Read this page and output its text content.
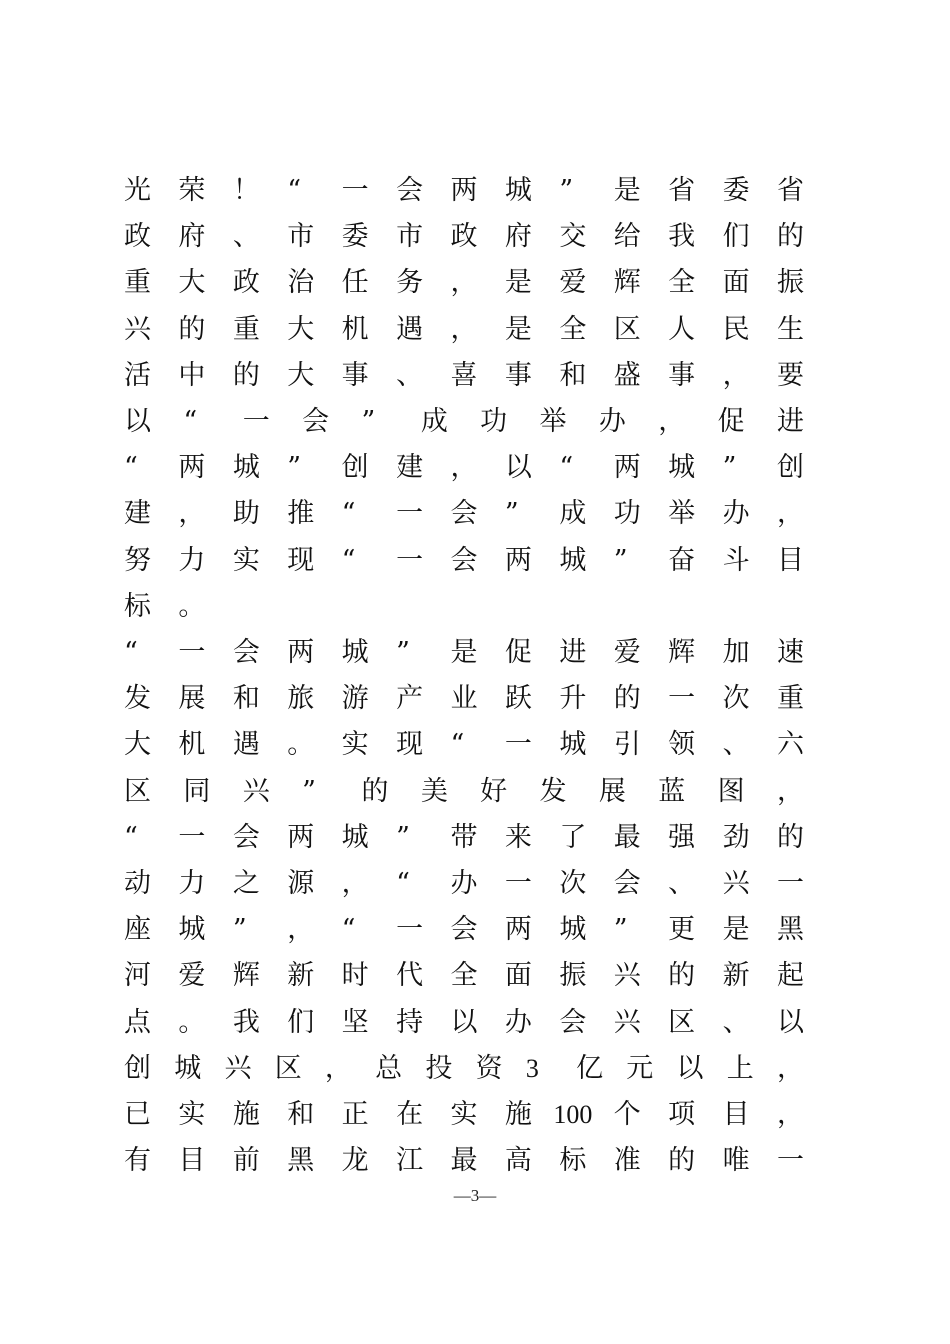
光 荣 ！ “ 一 会 两 城 ” 是 省 委 省
政 府 、 市 委 市 政 府 交 给 我 们 的
重 大 政 治 任 务 ， 是 爱 辉 全 面 振
兴 的 重 大 机 遇 ， 是 全 区 人 民 生
活 中 的 大 事 、 喜 事 和 盛 事 ， 要
以 “ 一 会 ” 成 功 举 办 ， 促 进
“ 两 城 ” 创 建 ， 以 “ 两 城 ” 创
建 ， 助 推 “ 一 会 ” 成 功 举 办 ，
努 力 实 现 “ 一 会 两 城 ” 奋 斗 目
标 。
“ 一 会 两 城 ” 是 促 进 爱 辉 加 速
发 展 和 旅 游 产 业 跃 升 的 一 次 重
大 机 遇 。 实 现 “ 一 城 引 领 、 六
区 同 兴 ” 的 美 好 发 展 蓝 图 ，
“ 一 会 两 城 ” 带 来 了 最 强 劲 的
动 力 之 源 ， “ 办 一 次 会 、 兴 一
座 城 ” ， “ 一 会 两 城 ” 更 是 黑
河 爱 辉 新 时 代 全 面 振 兴 的 新 起
点 。 我 们 坚 持 以 办 会 兴 区 、 以
创 城 兴 区 ， 总 投 资 3 亿 元 以 上 ，
已 实 施 和 正 在 实 施 100 个 项 目 ，
有 目 前 黑 龙 江 最 高 标 准 的 唯 一
—3—
